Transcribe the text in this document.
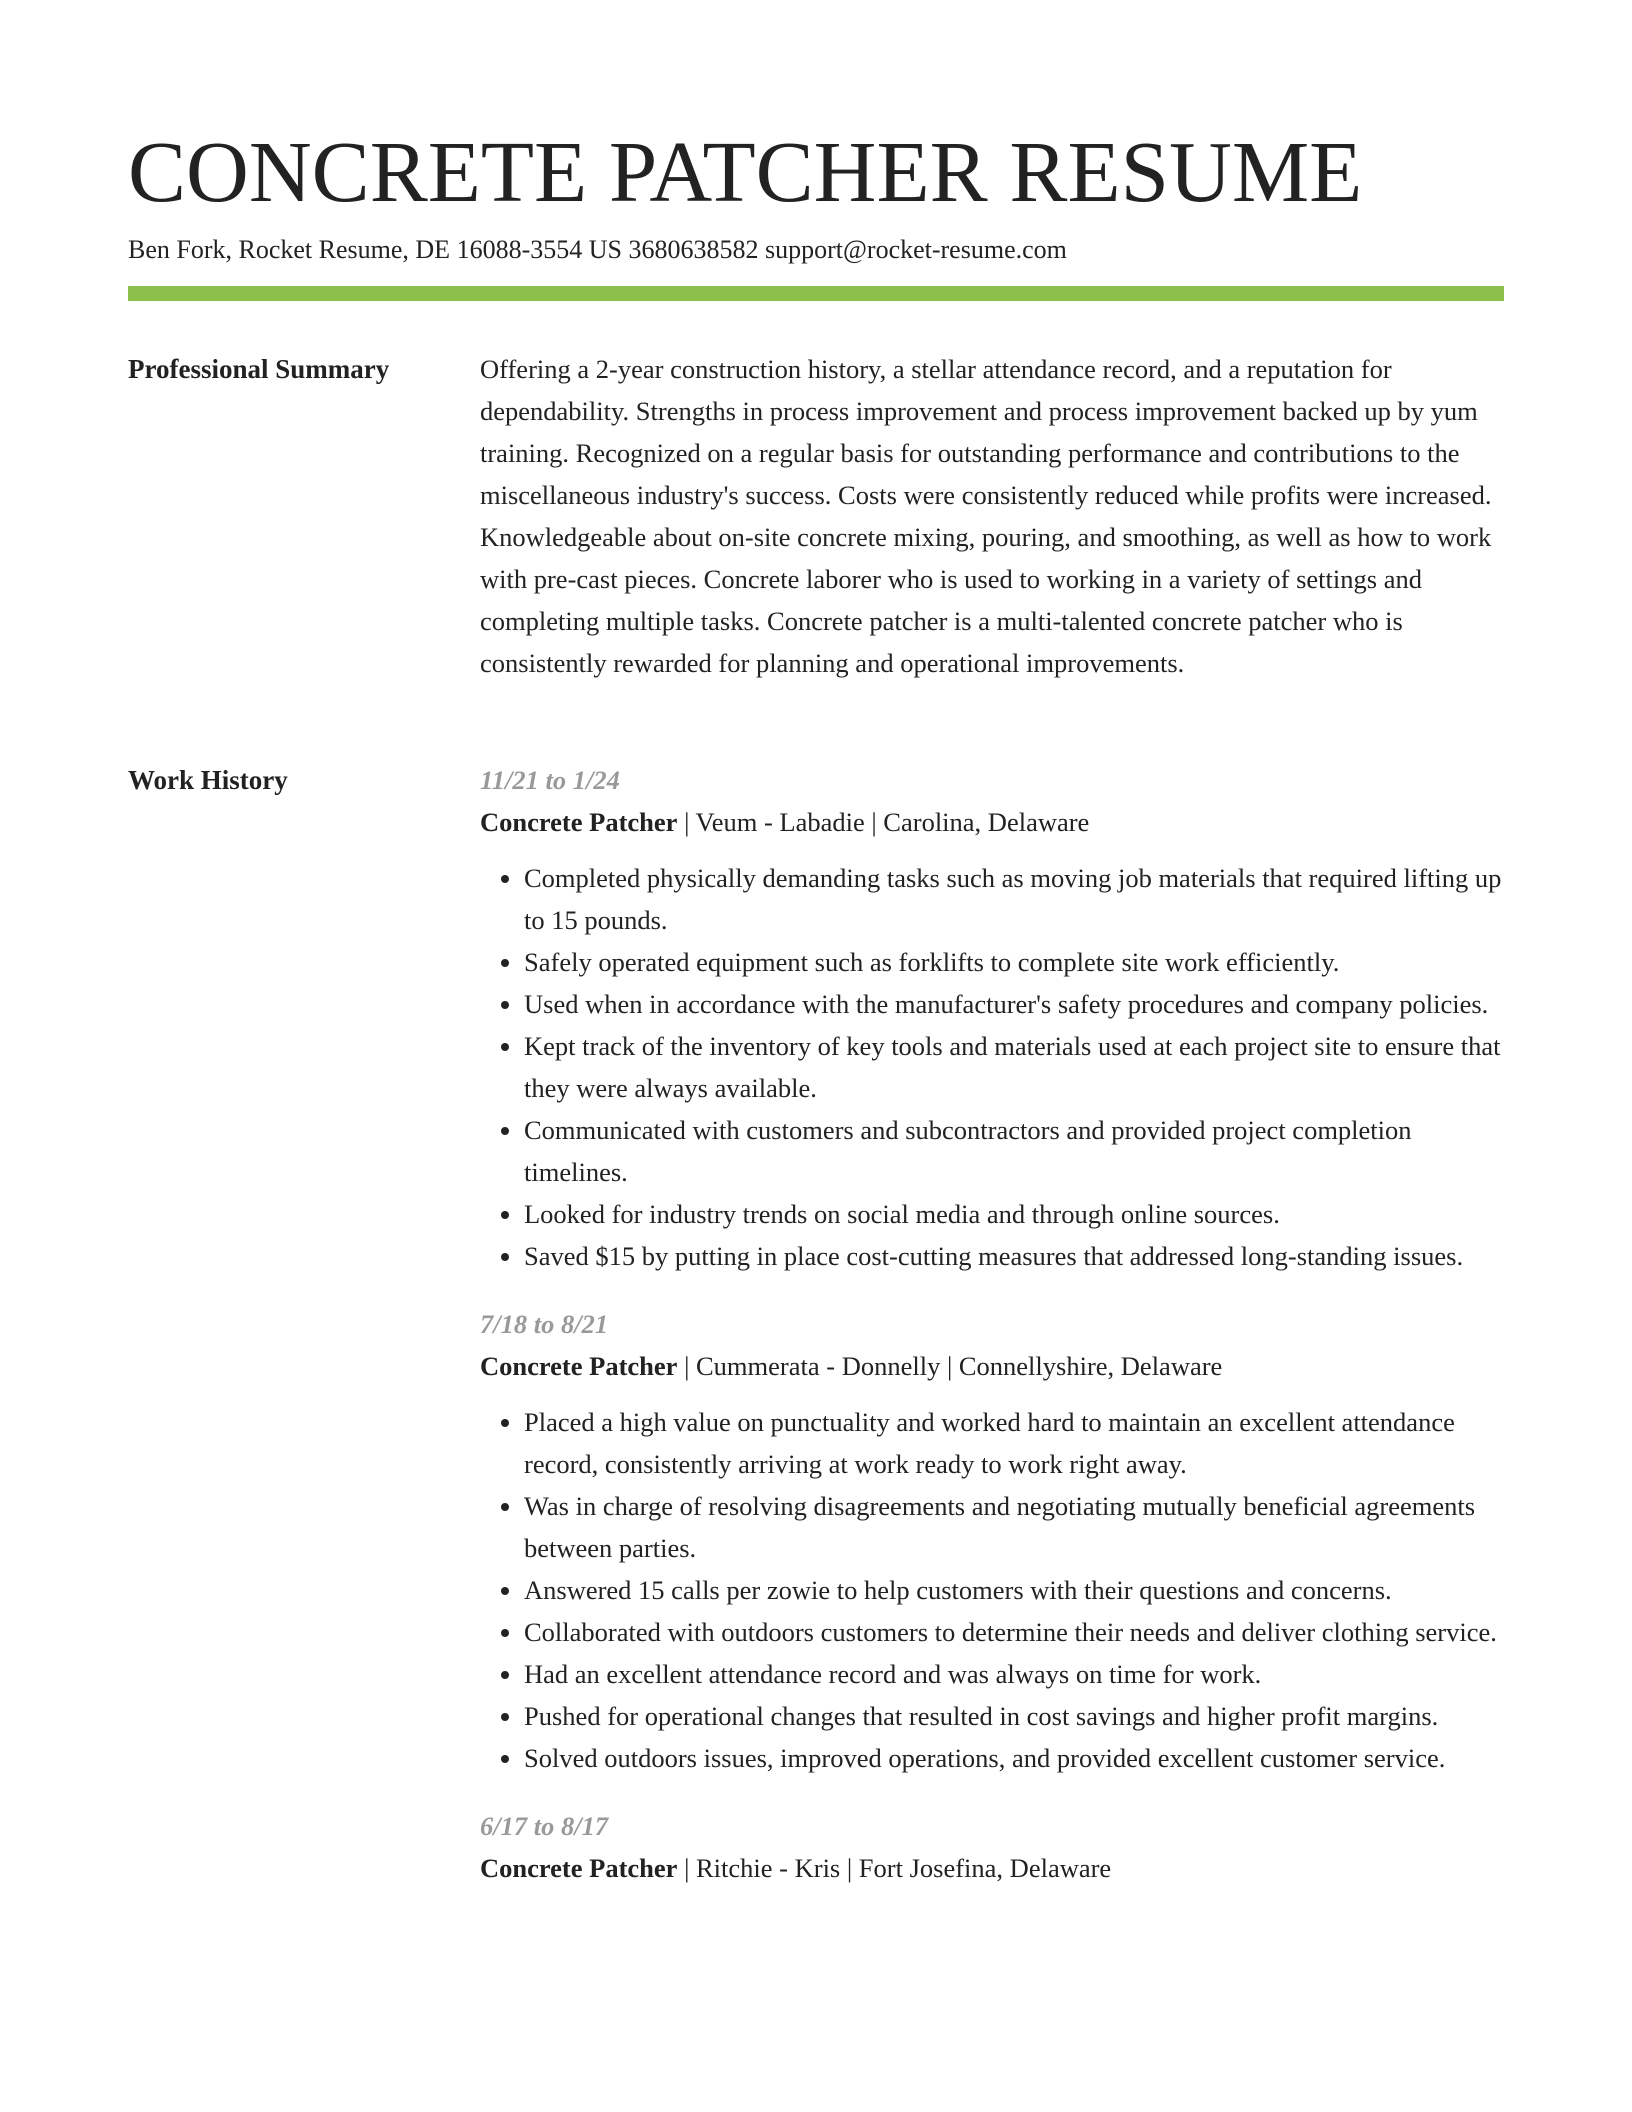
CONCRETE PATCHER RESUME
Ben Fork, Rocket Resume, DE 16088-3554 US 3680638582 support@rocket-resume.com
Professional Summary	Offering a 2-year construction history, a stellar attendance record, and a reputation for dependability. Strengths in process improvement and process improvement backed up by yum training. Recognized on a regular basis for outstanding performance and contributions to the miscellaneous industry's success. Costs were consistently reduced while profits were increased. Knowledgeable about on-site concrete mixing, pouring, and smoothing, as well as how to work with pre-cast pieces. Concrete laborer who is used to working in a variety of settings and completing multiple tasks. Concrete patcher is a multi-talented concrete patcher who is consistently rewarded for planning and operational improvements.

Work History	11/21 to 1/24
Concrete Patcher | Veum - Labadie | Carolina, Delaware
• Completed physically demanding tasks such as moving job materials that required lifting up to 15 pounds.
• Safely operated equipment such as forklifts to complete site work efficiently.
• Used when in accordance with the manufacturer's safety procedures and company policies.
• Kept track of the inventory of key tools and materials used at each project site to ensure that they were always available.
• Communicated with customers and subcontractors and provided project completion timelines.
• Looked for industry trends on social media and through online sources.
• Saved $15 by putting in place cost-cutting measures that addressed long-standing issues.
7/18 to 8/21
Concrete Patcher | Cummerata - Donnelly | Connellyshire, Delaware
• Placed a high value on punctuality and worked hard to maintain an excellent attendance record, consistently arriving at work ready to work right away.
• Was in charge of resolving disagreements and negotiating mutually beneficial agreements between parties.
• Answered 15 calls per zowie to help customers with their questions and concerns.
• Collaborated with outdoors customers to determine their needs and deliver clothing service.
• Had an excellent attendance record and was always on time for work.
• Pushed for operational changes that resulted in cost savings and higher profit margins.
• Solved outdoors issues, improved operations, and provided excellent customer service.
6/17 to 8/17
Concrete Patcher | Ritchie - Kris | Fort Josefina, Delaware
